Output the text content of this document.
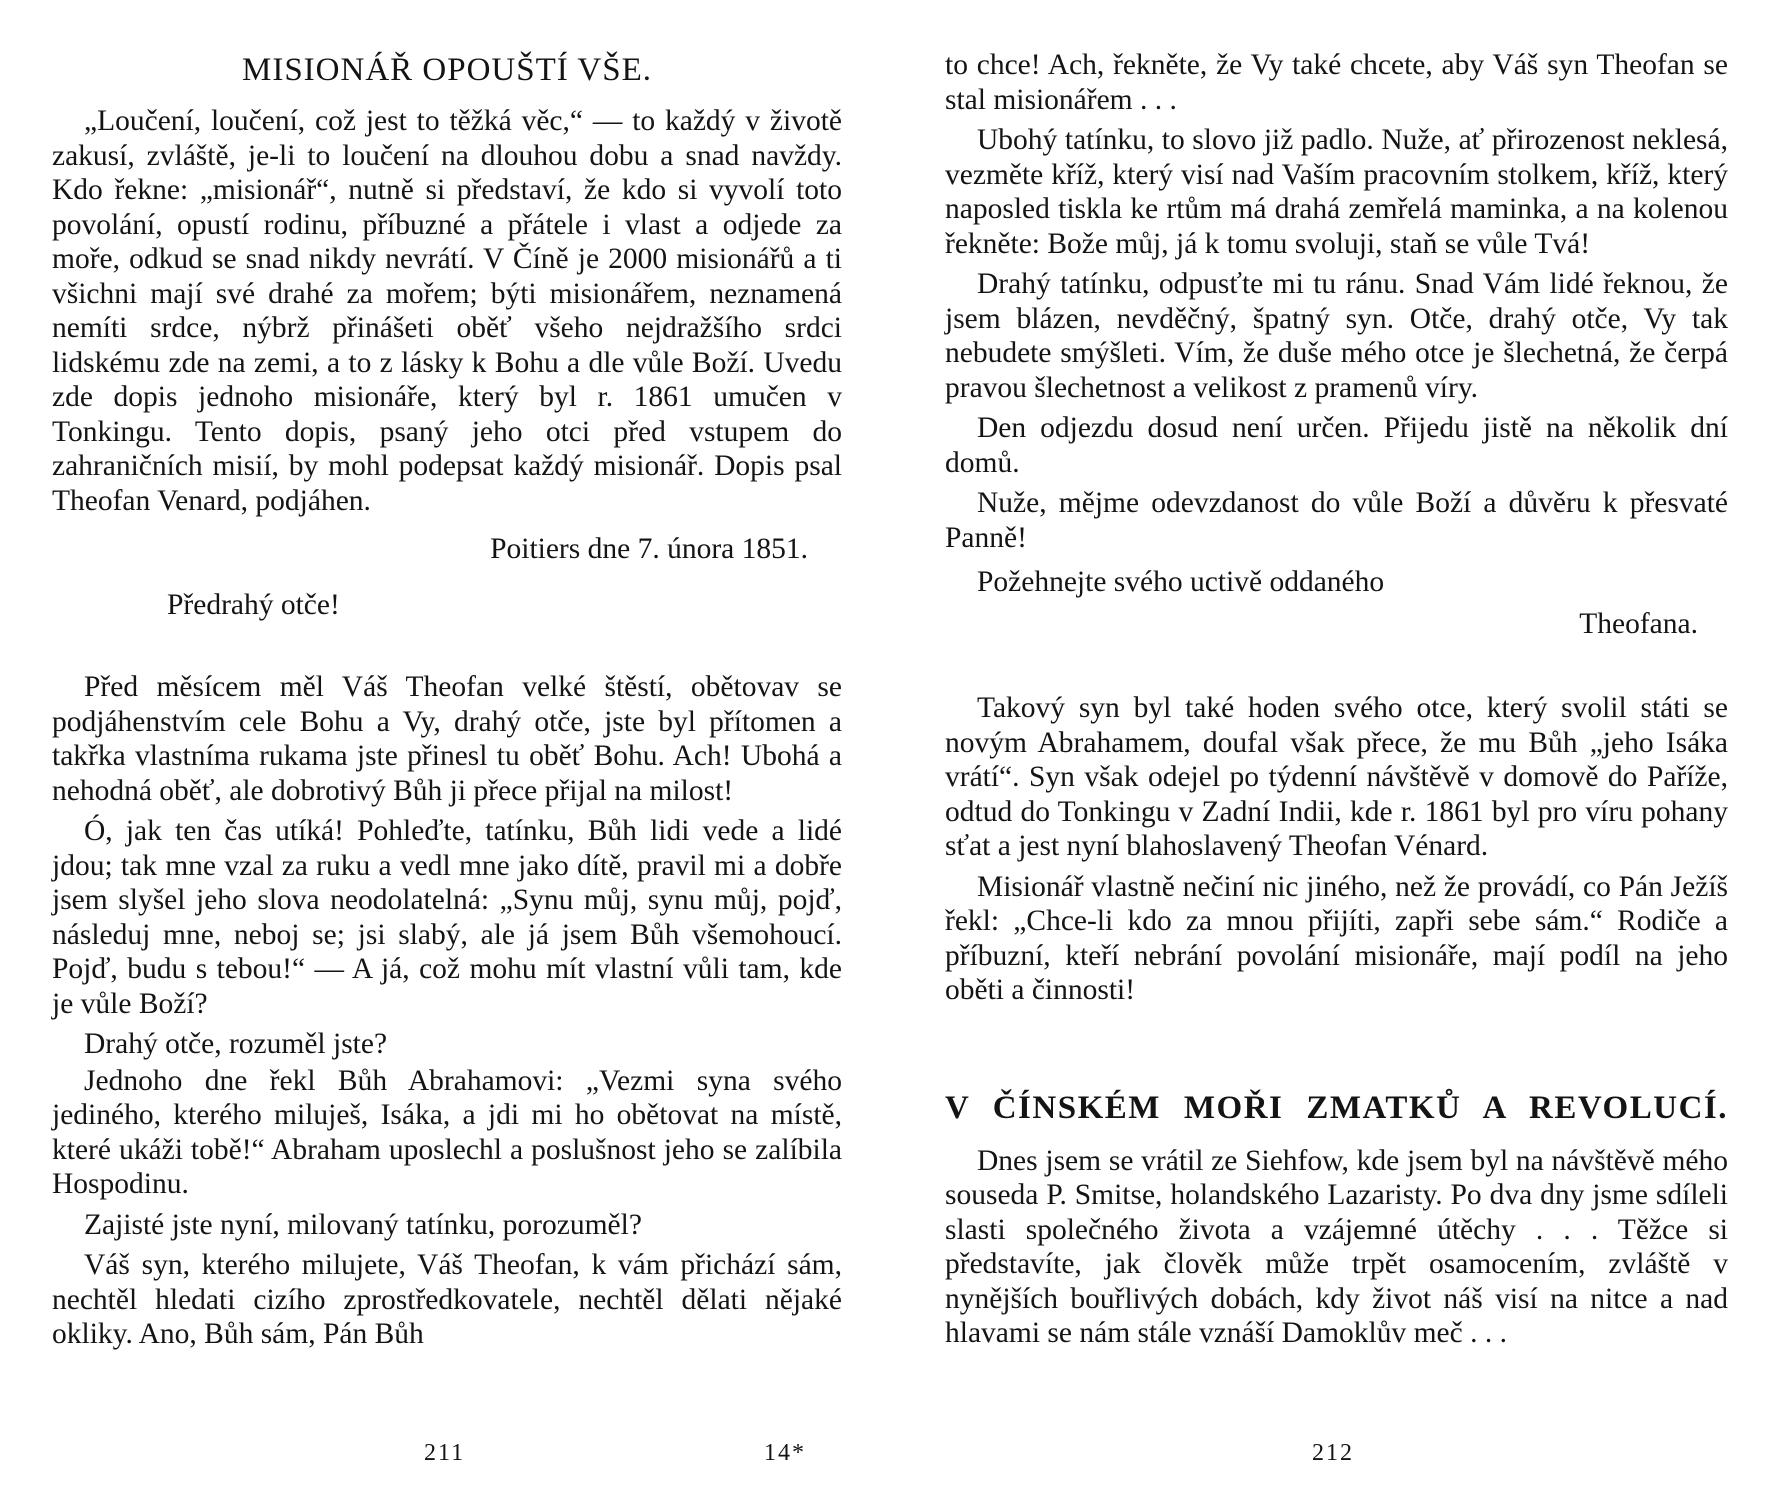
MISIONÁŘ OPOUŠTÍ VŠE.

„Loučení, loučení, což jest to těžká věc,“ — to každý v životě zakusí, zvláště, je-li to loučení na dlouhou dobu a snad navždy. Kdo řekne: „misionář“, nutně si představí, že kdo si vyvolí toto povolání, opustí rodinu, příbuzné a přátele i vlast a odjede za moře, odkud se snad nikdy nevrátí. V Číně je 2000 misionářů a ti všichni mají své drahé za mořem; býti misionářem, neznamená nemíti srdce, nýbrž přinášeti oběť všeho nejdražšího srdci lidskému zde na zemi, a to z lásky k Bohu a dle vůle Boží. Uvedu zde dopis jednoho misionáře, který byl r. 1861 umučen v Tonkingu. Tento dopis, psaný jeho otci před vstupem do zahraničních misií, by mohl podepsat každý misionář. Dopis psal Theofan Venard, podjáhen.

Poitiers dne 7. února 1851.
Předrahý otče!

Před měsícem měl Váš Theofan velké štěstí, obětovav se podjáhenstvím cele Bohu a Vy, drahý otče, jste byl přítomen a takřka vlastníma rukama jste přinesl tu oběť Bohu. Ach! Ubohá a nehodná oběť, ale dobrotivý Bůh ji přece přijal na milost!

Ó, jak ten čas utíká! Pohleďte, tatínku, Bůh lidi vede a lidé jdou; tak mne vzal za ruku a vedl mne jako dítě, pravil mi a dobře jsem slyšel jeho slova neodolatelná: „Synu můj, synu můj, pojď, následuj mne, neboj se; jsi slabý, ale já jsem Bůh všemohoucí. Pojď, budu s tebou!“ — A já, což mohu mít vlastní vůli tam, kde je vůle Boží?

Drahý otče, rozuměl jste?

Jednoho dne řekl Bůh Abrahamovi: „Vezmi syna svého jediného, kterého miluješ, Isáka, a jdi mi ho obětovat na místě, které ukáži tobě!“ Abraham uposlechl a poslušnost jeho se zalíbila Hospodinu.

Zajisté jste nyní, milovaný tatínku, porozuměl?

Váš syn, kterého milujete, Váš Theofan, k vám přichází sám, nechtěl hledati cizího zprostředkovatele, nechtěl dělati nějaké okliky. Ano, Bůh sám, Pán Bůh

211	14*

to chce! Ach, řekněte, že Vy také chcete, aby Váš syn Theofan se stal misionářem . . .

Ubohý tatínku, to slovo již padlo. Nuže, ať přirozenost neklesá, vezměte kříž, který visí nad Vaším pracovním stolkem, kříž, který naposled tiskla ke rtům má drahá zemřelá maminka, a na kolenou řekněte: Bože můj, já k tomu svoluji, staň se vůle Tvá!

Drahý tatínku, odpusťte mi tu ránu. Snad Vám lidé řeknou, že jsem blázen, nevděčný, špatný syn. Otče, drahý otče, Vy tak nebudete smýšleti. Vím, že duše mého otce je šlechetná, že čerpá pravou šlechetnost a velikost z pramenů víry.

Den odjezdu dosud není určen. Přijedu jistě na několik dní domů.

Nuže, mějme odevzdanost do vůle Boží a důvěru k přesvaté Panně!

Požehnejte svého uctivě oddaného
Theofana.

Takový syn byl také hoden svého otce, který svolil státi se novým Abrahamem, doufal však přece, že mu Bůh „jeho Isáka vrátí“. Syn však odejel po týdenní návštěvě v domově do Paříže, odtud do Tonkingu v Zadní Indii, kde r. 1861 byl pro víru pohany sťat a jest nyní blahoslavený Theofan Vénard.

Misionář vlastně nečiní nic jiného, než že provádí, co Pán Ježíš řekl: „Chce-li kdo za mnou přijíti, zapři sebe sám.“ Rodiče a příbuzní, kteří nebrání povolání misionáře, mají podíl na jeho oběti a činnosti!

V ČÍNSKÉM MOŘI ZMATKŮ A REVOLUCÍ.

Dnes jsem se vrátil ze Siehfow, kde jsem byl na návštěvě mého souseda P. Smitse, holandského Lazaristy. Po dva dny jsme sdíleli slasti společného života a vzájemné útěchy . . . Těžce si představíte, jak člověk může trpět osamocením, zvláště v nynějších bouřlivých dobách, kdy život náš visí na nitce a nad hlavami se nám stále vznáší Damoklův meč . . .

212
